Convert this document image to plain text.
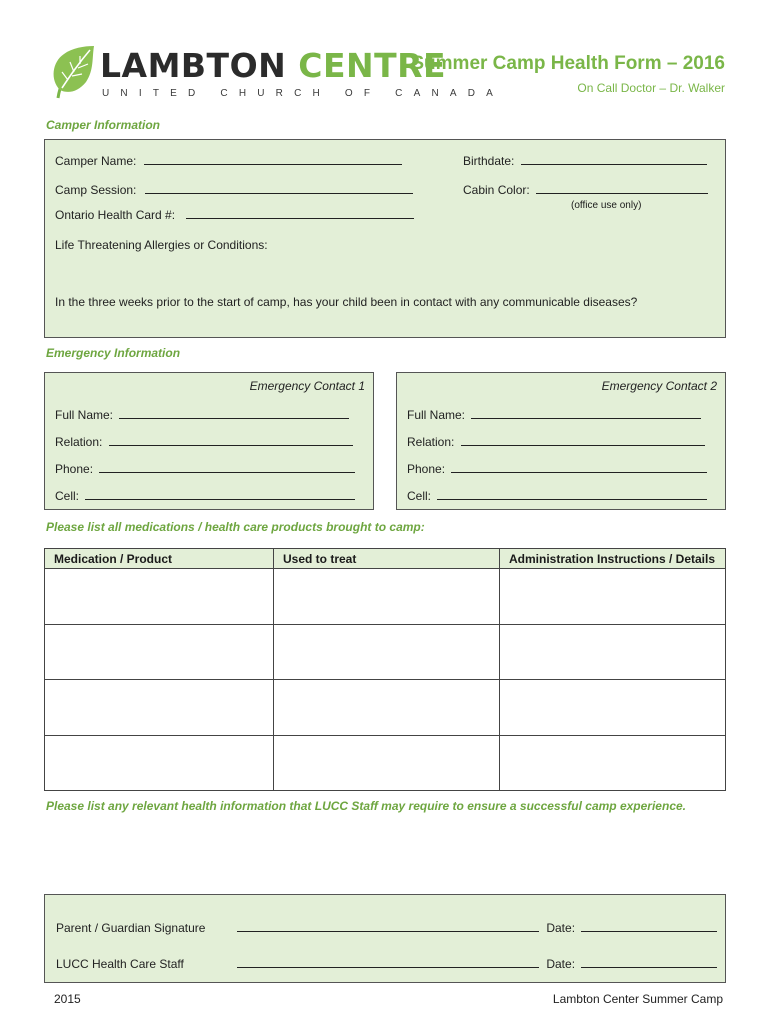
LAMBTON CENTRE
UNITED CHURCH OF CANADA
Summer Camp Health Form – 2016
On Call Doctor – Dr. Walker
Camper Information
Camper Name:	Birthdate:
Camp Session:	Cabin Color:
(office use only)
Ontario Health Card #:
Life Threatening Allergies or Conditions:
In the three weeks prior to the start of camp, has your child been in contact with any communicable diseases?
Emergency Information
Emergency Contact 1
Full Name:
Relation:
Phone:
Cell:
Emergency Contact 2
Full Name:
Relation:
Phone:
Cell:
Please list all medications / health care products brought to camp:
Medication / Product	Used to treat	Administration Instructions / Details

Please list any relevant health information that LUCC Staff may require to ensure a successful camp experience.
Parent / Guardian Signature	Date:
LUCC Health Care Staff	Date:
2015	Lambton Center Summer Camp
